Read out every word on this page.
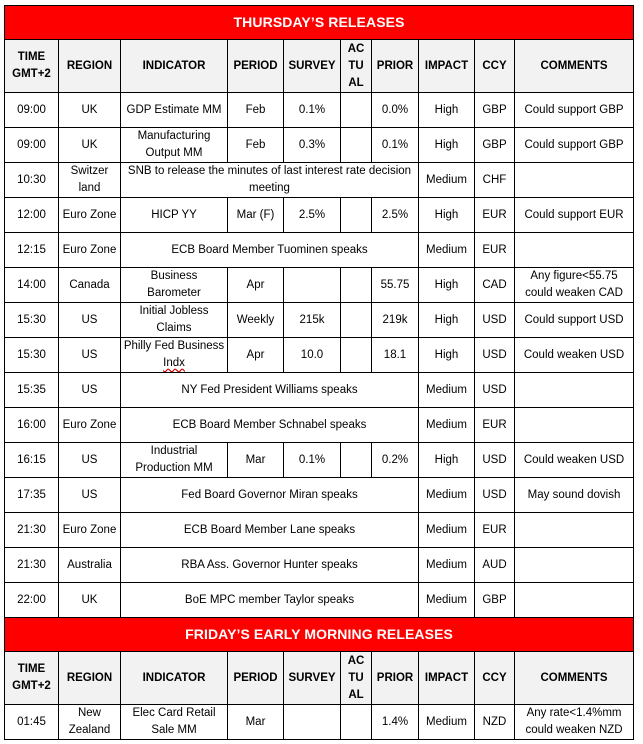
THURSDAY’S RELEASES									
TIME
GMT+2	REGION	INDICATOR	PERIOD	SURVEY	AC
TU
AL	PRIOR	IMPACT	CCY	COMMENTS
09:00	UK	GDP Estimate MM	Feb	0.1%		0.0%	High	GBP	Could support GBP
09:00	UK	Manufacturing Output MM	Feb	0.3%		0.1%	High	GBP	Could support GBP
10:30	Switzer land	SNB to release the minutes of last interest rate decision meeting					Medium	CHF	
12:00	Euro Zone	HICP YY	Mar (F)	2.5%		2.5%	High	EUR	Could support EUR
12:15	Euro Zone	ECB Board Member Tuominen speaks					Medium	EUR	
14:00	Canada	Business Barometer	Apr			55.75	High	CAD	Any figure<55.75 could weaken CAD
15:30	US	Initial Jobless Claims	Weekly	215k		219k	High	USD	Could support USD
15:30	US	Philly Fed Business Indx	Apr	10.0		18.1	High	USD	Could weaken USD
15:35	US	NY Fed President Williams speaks					Medium	USD	
16:00	Euro Zone	ECB Board Member Schnabel speaks					Medium	EUR	
16:15	US	Industrial Production MM	Mar	0.1%		0.2%	High	USD	Could weaken USD
17:35	US	Fed Board Governor Miran speaks					Medium	USD	May sound dovish
21:30	Euro Zone	ECB Board Member Lane speaks					Medium	EUR	
21:30	Australia	RBA Ass. Governor Hunter speaks					Medium	AUD	
22:00	UK	BoE MPC member Taylor speaks					Medium	GBP	
FRIDAY’S EARLY MORNING RELEASES									
TIME
GMT+2	REGION	INDICATOR	PERIOD	SURVEY	AC
TU
AL	PRIOR	IMPACT	CCY	COMMENTS
01:45	New Zealand	Elec Card Retail Sale MM	Mar			1.4%	Medium	NZD	Any rate<1.4%mm could weaken NZD
